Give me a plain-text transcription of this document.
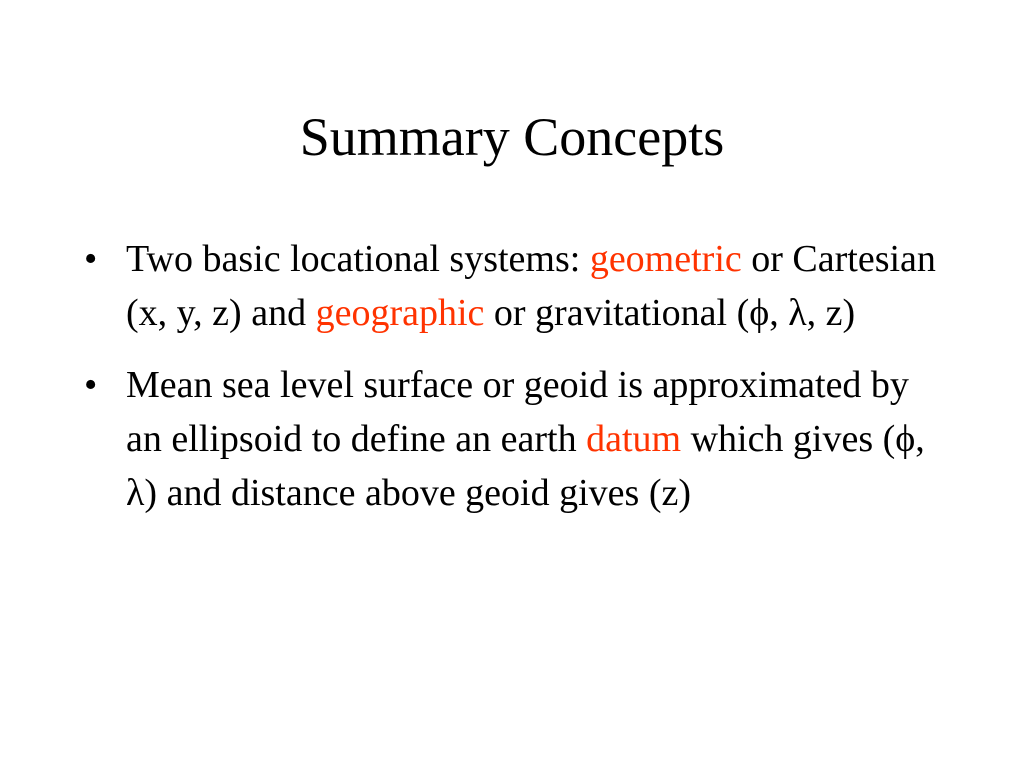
Summary Concepts
• Two basic locational systems: geometric or Cartesian (x, y, z) and geographic or gravitational (ϕ, λ, z)
• Mean sea level surface or geoid is approximated by an ellipsoid to define an earth datum which gives (ϕ, λ) and distance above geoid gives (z)
